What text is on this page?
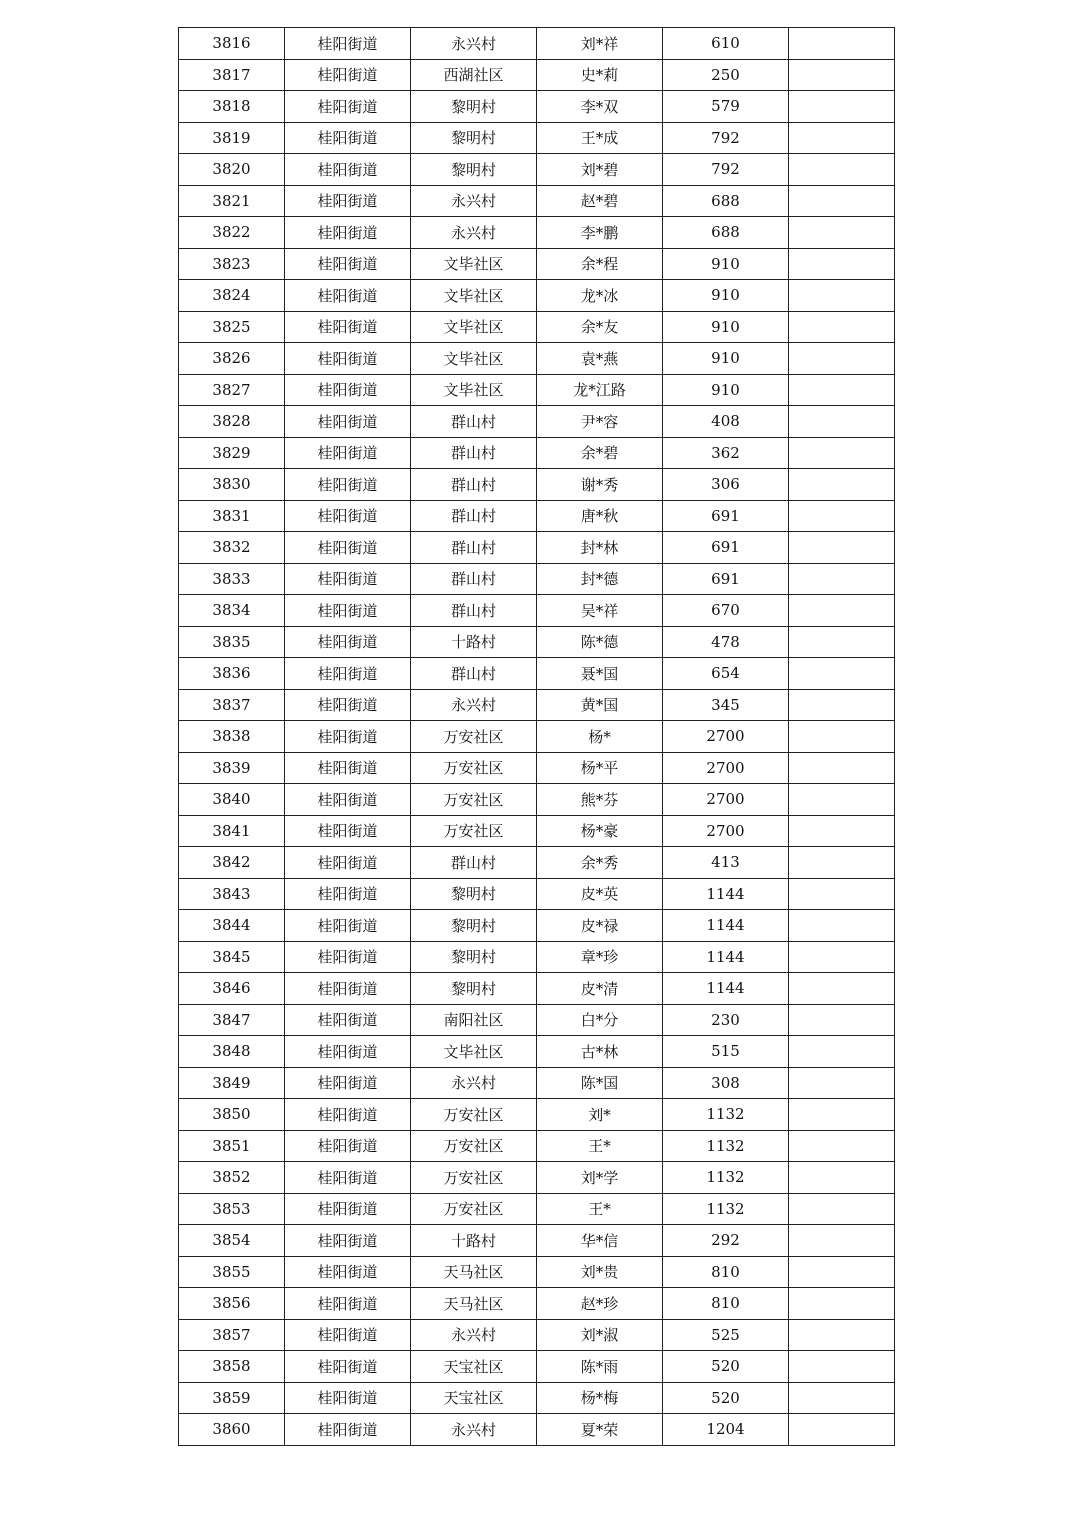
3816	桂阳街道	永兴村	刘*祥	610	
3817	桂阳街道	西湖社区	史*莉	250	
3818	桂阳街道	黎明村	李*双	579	
3819	桂阳街道	黎明村	王*成	792	
3820	桂阳街道	黎明村	刘*碧	792	
3821	桂阳街道	永兴村	赵*碧	688	
3822	桂阳街道	永兴村	李*鹏	688	
3823	桂阳街道	文毕社区	余*程	910	
3824	桂阳街道	文毕社区	龙*冰	910	
3825	桂阳街道	文毕社区	余*友	910	
3826	桂阳街道	文毕社区	袁*燕	910	
3827	桂阳街道	文毕社区	龙*江路	910	
3828	桂阳街道	群山村	尹*容	408	
3829	桂阳街道	群山村	余*碧	362	
3830	桂阳街道	群山村	谢*秀	306	
3831	桂阳街道	群山村	唐*秋	691	
3832	桂阳街道	群山村	封*林	691	
3833	桂阳街道	群山村	封*德	691	
3834	桂阳街道	群山村	吴*祥	670	
3835	桂阳街道	十路村	陈*德	478	
3836	桂阳街道	群山村	聂*国	654	
3837	桂阳街道	永兴村	黄*国	345	
3838	桂阳街道	万安社区	杨*	2700	
3839	桂阳街道	万安社区	杨*平	2700	
3840	桂阳街道	万安社区	熊*芬	2700	
3841	桂阳街道	万安社区	杨*豪	2700	
3842	桂阳街道	群山村	余*秀	413	
3843	桂阳街道	黎明村	皮*英	1144	
3844	桂阳街道	黎明村	皮*禄	1144	
3845	桂阳街道	黎明村	章*珍	1144	
3846	桂阳街道	黎明村	皮*清	1144	
3847	桂阳街道	南阳社区	白*分	230	
3848	桂阳街道	文毕社区	古*林	515	
3849	桂阳街道	永兴村	陈*国	308	
3850	桂阳街道	万安社区	刘*	1132	
3851	桂阳街道	万安社区	王*	1132	
3852	桂阳街道	万安社区	刘*学	1132	
3853	桂阳街道	万安社区	王*	1132	
3854	桂阳街道	十路村	华*信	292	
3855	桂阳街道	天马社区	刘*贵	810	
3856	桂阳街道	天马社区	赵*珍	810	
3857	桂阳街道	永兴村	刘*淑	525	
3858	桂阳街道	天宝社区	陈*雨	520	
3859	桂阳街道	天宝社区	杨*梅	520	
3860	桂阳街道	永兴村	夏*荣	1204	
